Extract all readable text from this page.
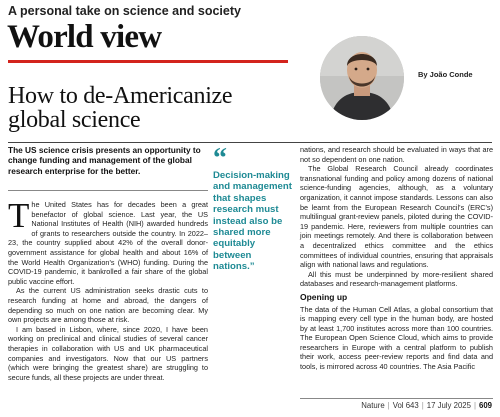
A personal take on science and society
World view
By João Conde
How to de-Americanize global science
The US science crisis presents an opportunity to change funding and management of the global research enterprise for the better.

The United States has for decades been a great benefactor of global science. Last year, the US National Institutes of Health (NIH) awarded hundreds of grants to researchers outside the country. In 2022–23, the country supplied about 42% of the overall donor-government assistance for global health and about 16% of the World Health Organization's (WHO) funding. During the COVID-19 pandemic, it bankrolled a fair share of the global public vaccine effort.

As the current US administration seeks drastic cuts to research funding at home and abroad, the dangers of depending so much on one nation are becoming clear. My own projects are among those at risk.

I am based in Lisbon, where, since 2020, I have been working on preclinical and clinical studies of several cancer therapies in collaboration with US and UK pharmaceutical companies and investigators. Now that our US partners (which were bringing the greatest share) are struggling to secure funds, all these projects are under threat.

“
Decision-making and management that shapes research must instead also be shared more equitably between nations.”

nations, and research should be evaluated in ways that are not so dependent on one nation.

The Global Research Council already coordinates transnational funding and policy among dozens of national science-funding agencies, although, as a voluntary organization, it cannot impose standards. Lessons can also be learnt from the European Research Council's (ERC's) multilingual grant-review panels, piloted during the COVID-19 pandemic. Here, reviewers from multiple countries can join meetings remotely. And there is collaboration between a decentralized ethics committee and the ethics committees of individual countries, ensuring that appraisals align with national laws and regulations.

All this must be underpinned by more-resilient shared databases and research-management platforms.

Opening up

The data of the Human Cell Atlas, a global consortium that is mapping every cell type in the human body, are hosted by at least 1,700 institutes across more than 100 countries. The European Open Science Cloud, which aims to provide researchers in Europe with a central platform to publish their work, access peer-review reports and find data and tools, is mirrored across 40 countries. The Asia Pacific

Nature | Vol 643 | 17 July 2025 | 609
